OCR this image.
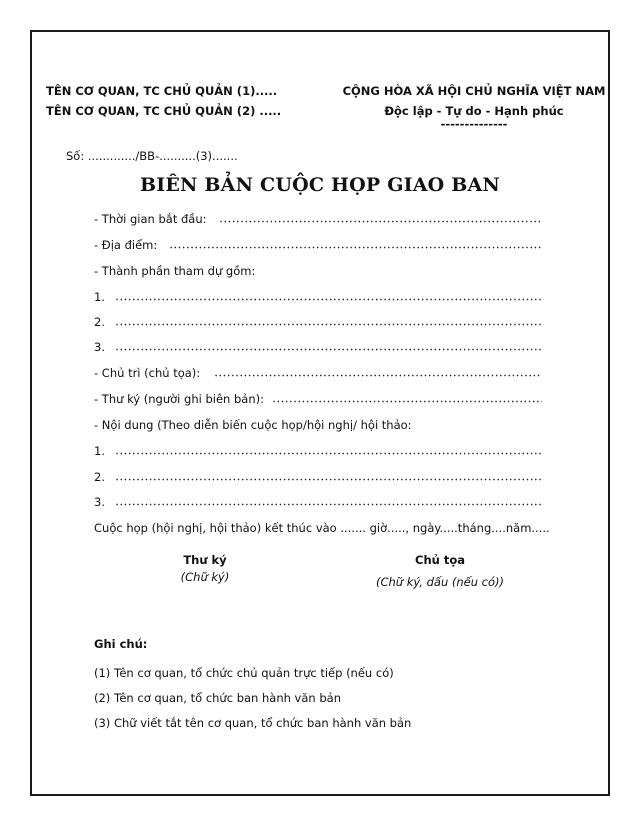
TÊN CƠ QUAN, TC CHỦ QUẢN (1).....
TÊN CƠ QUAN, TC CHỦ QUẢN (2) .....
CỘNG HÒA XÃ HỘI CHỦ NGHĨA VIỆT NAM
Độc lập - Tự do - Hạnh phúc
--------------
Số: ............./BB-..........(3).......
BIÊN BẢN CUỘC HỌP GIAO BAN
- Thời gian bắt đầu:
- Địa điểm:
- Thành phần tham dự gồm:
1.
2.
3.
- Chủ trì (chủ tọa):
- Thư ký (người ghi biên bản):
- Nội dung (Theo diễn biến cuộc họp/hội nghị/ hội thảo:
1.
2.
3.
Cuộc họp (hội nghị, hội thảo) kết thúc vào ....... giờ....., ngày.....tháng....năm.....
Thư ký
(Chữ ký)
Chủ tọa
(Chữ ký, dấu (nếu có))
Ghi chú:
(1) Tên cơ quan, tổ chức chủ quản trực tiếp (nếu có)
(2) Tên cơ quan, tổ chức ban hành văn bản
(3) Chữ viết tắt tên cơ quan, tổ chức ban hành văn bản
